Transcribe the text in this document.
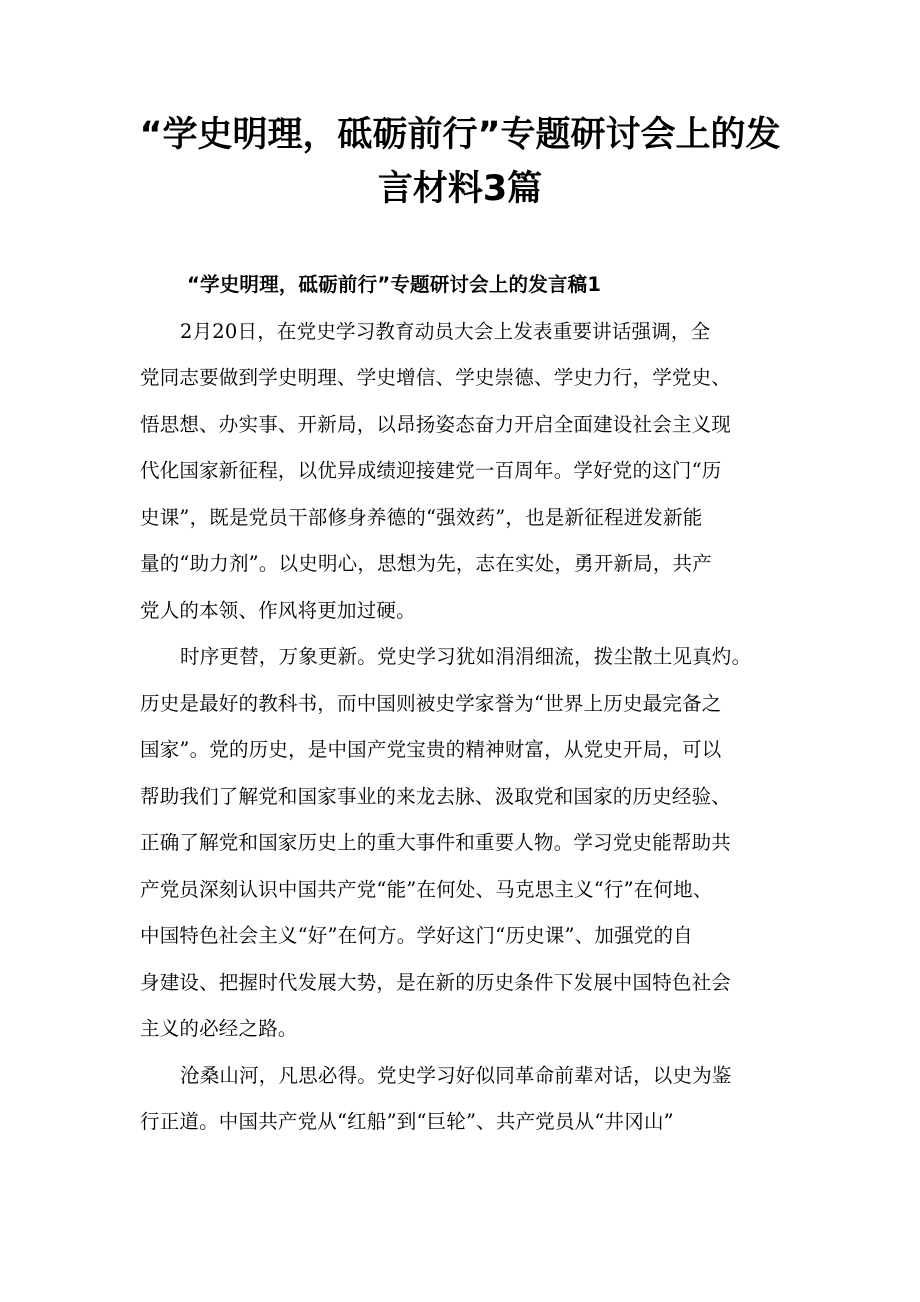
“学史明理，砥砺前行”专题研讨会上的发
言材料3篇

“学史明理，砥砺前行”专题研讨会上的发言稿1

2月20日，在党史学习教育动员大会上发表重要讲话强调，全
党同志要做到学史明理、学史增信、学史崇德、学史力行，学党史、
悟思想、办实事、开新局，以昂扬姿态奋力开启全面建设社会主义现
代化国家新征程，以优异成绩迎接建党一百周年。学好党的这门“历
史课”，既是党员干部修身养德的“强效药”，也是新征程迸发新能
量的“助力剂”。以史明心，思想为先，志在实处，勇开新局，共产
党人的本领、作风将更加过硬。
时序更替，万象更新。党史学习犹如涓涓细流，拨尘散土见真灼。
历史是最好的教科书，而中国则被史学家誉为“世界上历史最完备之
国家”。党的历史，是中国产党宝贵的精神财富，从党史开局，可以
帮助我们了解党和国家事业的来龙去脉、汲取党和国家的历史经验、
正确了解党和国家历史上的重大事件和重要人物。学习党史能帮助共
产党员深刻认识中国共产党“能”在何处、马克思主义“行”在何地、
中国特色社会主义“好”在何方。学好这门“历史课”、加强党的自
身建设、把握时代发展大势，是在新的历史条件下发展中国特色社会
主义的必经之路。
沧桑山河，凡思必得。党史学习好似同革命前辈对话，以史为鉴
行正道。中国共产党从“红船”到“巨轮”、共产党员从“井冈山”
